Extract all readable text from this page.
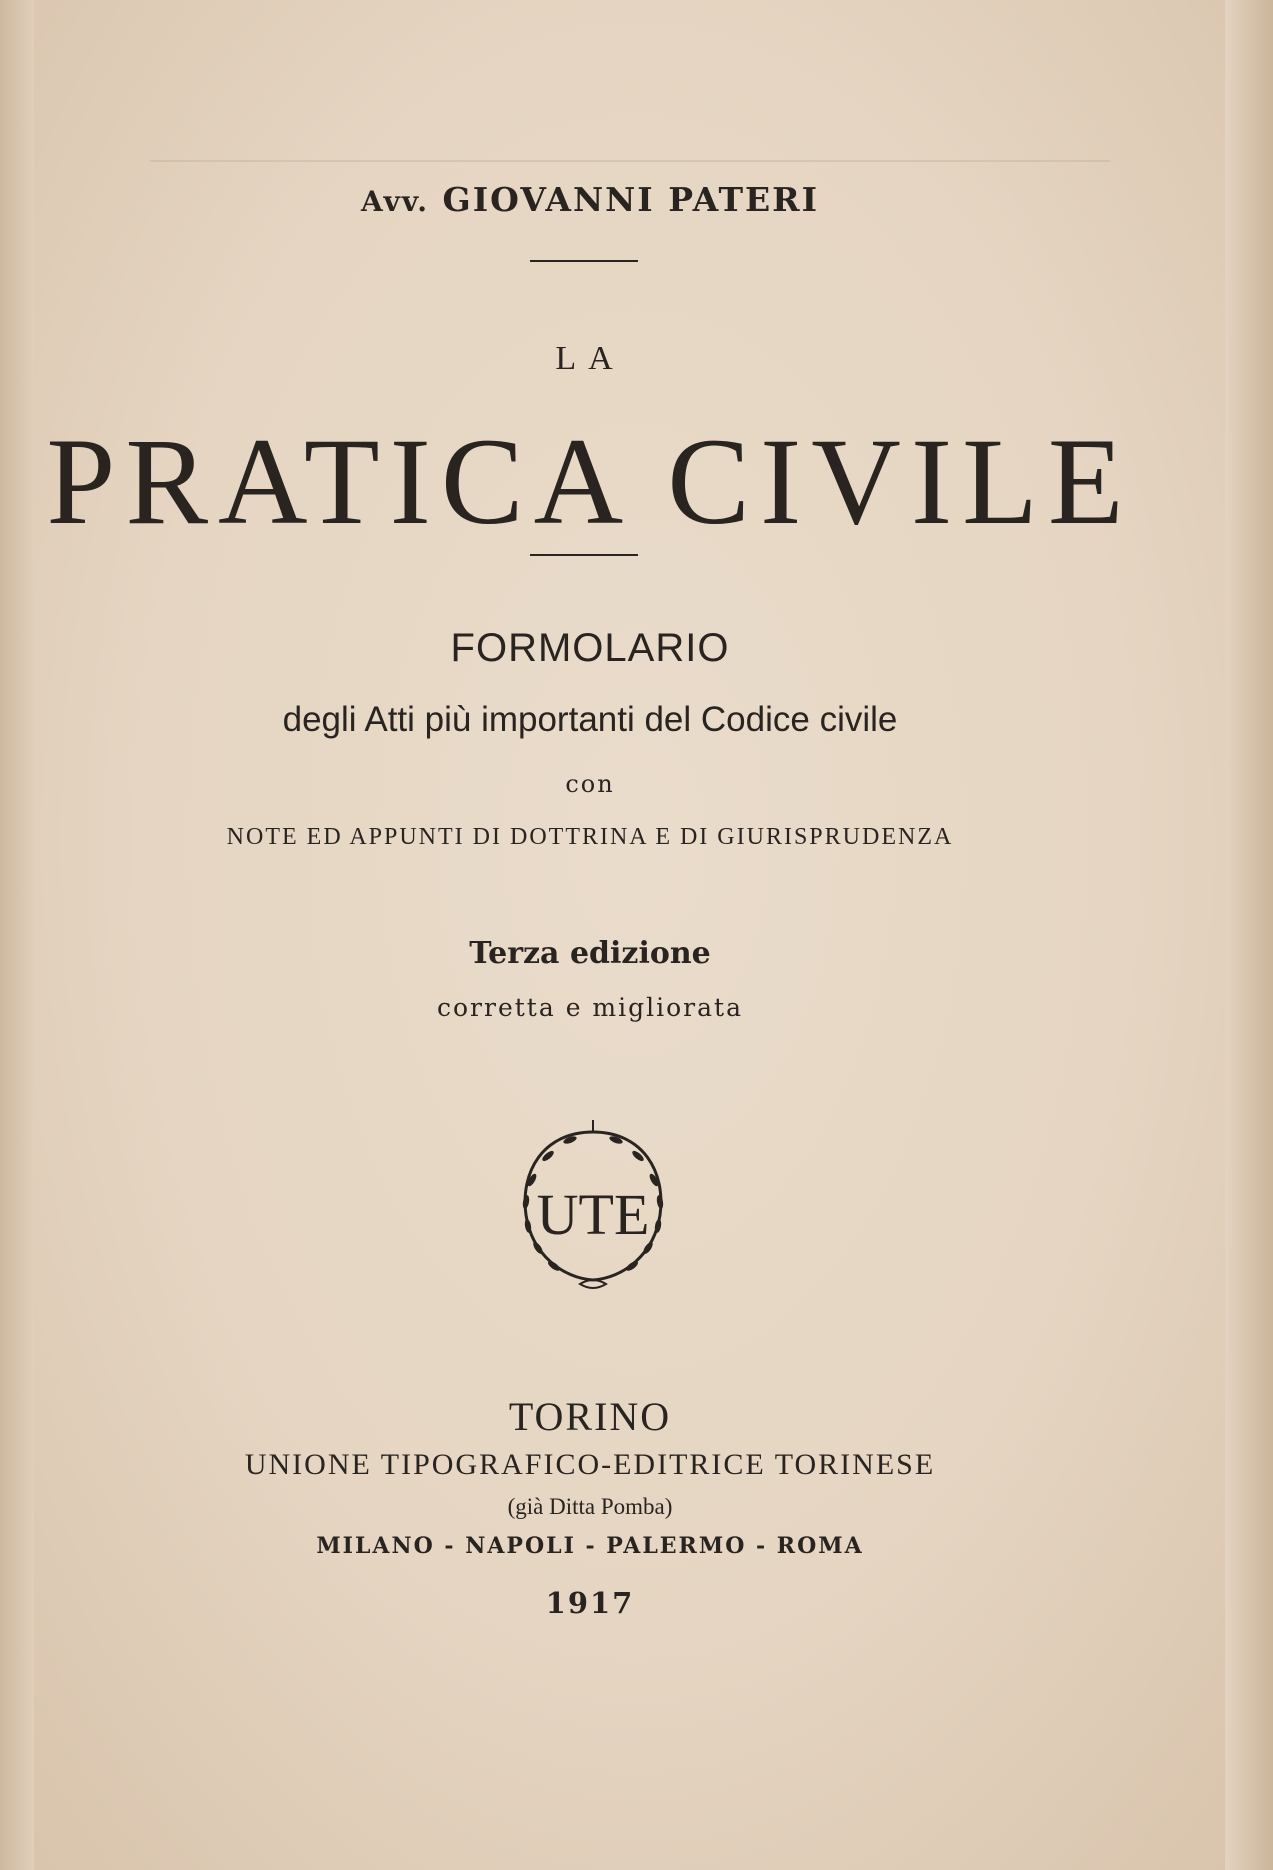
Avv. GIOVANNI PATERI
LA
PRATICA CIVILE
FORMOLARIO
degli Atti più importanti del Codice civile
con
NOTE ED APPUNTI DI DOTTRINA E DI GIURISPRUDENZA
Terza edizione
corretta e migliorata
UTE
TORINO
UNIONE TIPOGRAFICO-EDITRICE TORINESE
(già Ditta Pomba)
MILANO - NAPOLI - PALERMO - ROMA
1917
